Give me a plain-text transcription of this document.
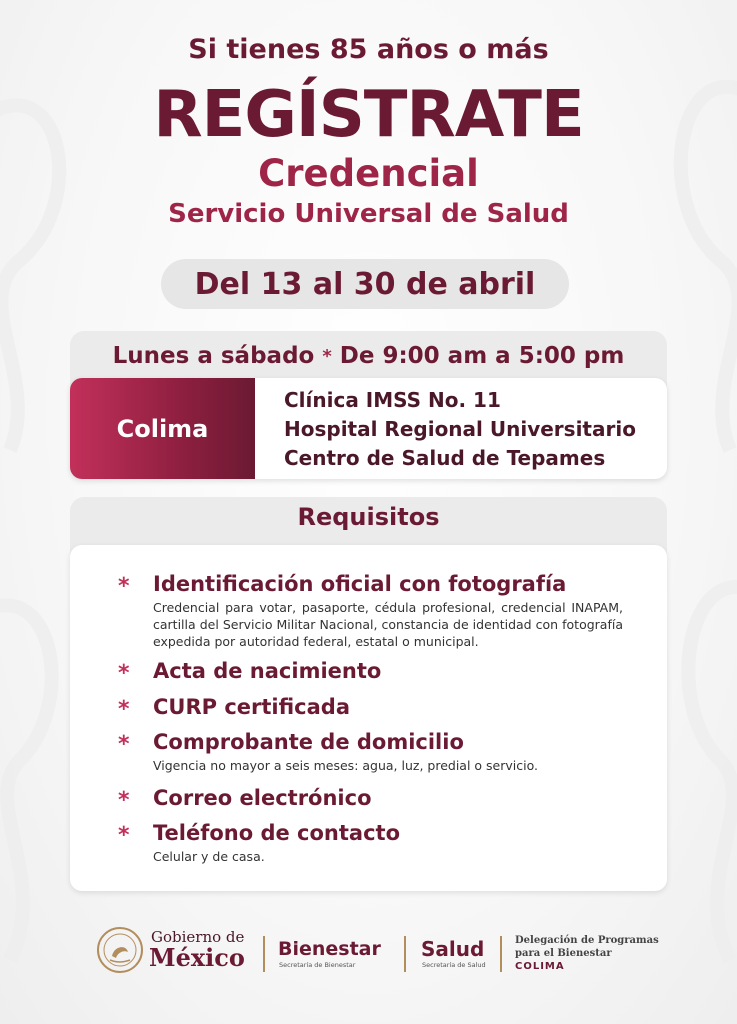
Si tienes 85 años o más
REGÍSTRATE
Credencial
Servicio Universal de Salud
Del 13 al 30 de abril
Lunes a sábado * De 9:00 am a 5:00 pm
Colima
Clínica IMSS No. 11
Hospital Regional Universitario
Centro de Salud de Tepames
Requisitos
* Identificación oficial con fotografía
Credencial para votar, pasaporte, cédula profesional, credencial INAPAM, cartilla del Servicio Militar Nacional, constancia de identidad con fotografía expedida por autoridad federal, estatal o municipal.
* Acta de nacimiento
* CURP certificada
* Comprobante de domicilio
Vigencia no mayor a seis meses: agua, luz, predial o servicio.
* Correo electrónico
* Teléfono de contacto
Celular y de casa.
Gobierno de
México Bienestar
Secretaría de Bienestar
Salud
Secretaría de Salud
Delegación de Programas
para el Bienestar
COLIMA
